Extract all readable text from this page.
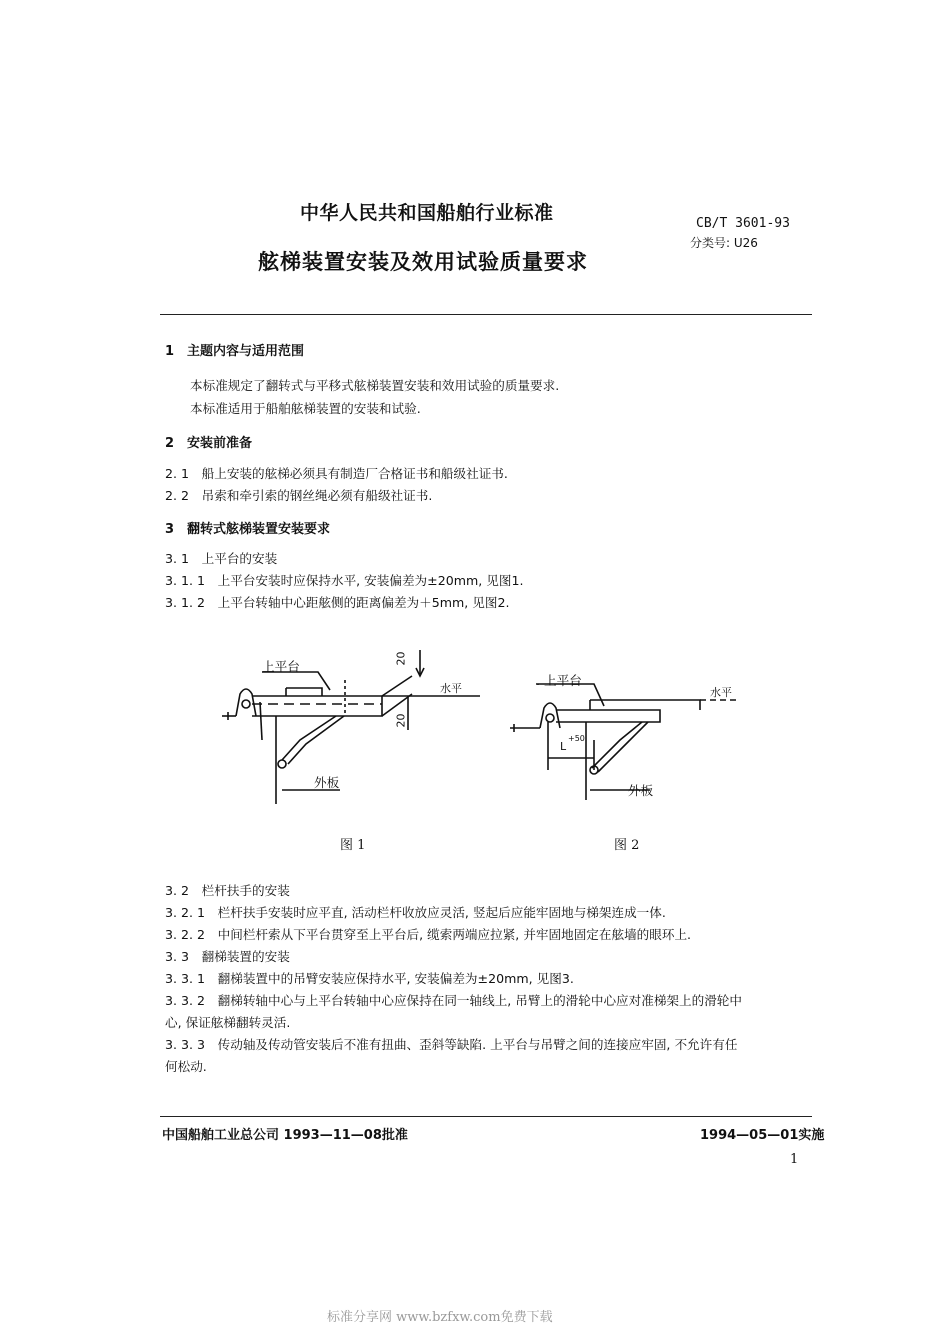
中华人民共和国船舶行业标准	CB/T 3601-93
分类号: U26
舷梯装置安装及效用试验质量要求
1　主题内容与适用范围
本标准规定了翻转式与平移式舷梯装置安装和效用试验的质量要求.
本标准适用于船舶舷梯装置的安装和试验.
2　安装前准备
2. 1　船上安装的舷梯必须具有制造厂合格证书和船级社证书.
2. 2　吊索和牵引索的钢丝绳必须有船级社证书.
3　翻转式舷梯装置安装要求
3. 1　上平台的安装
3. 1. 1　上平台安装时应保持水平, 安装偏差为±20mm, 见图1.
3. 1. 2　上平台转轴中心距舷侧的距离偏差为＋5mm, 见图2.
上平台
水平
外板
20
20
图 1
. 上平台
水平
外板
L
+50
图 2
3. 2　栏杆扶手的安装
3. 2. 1　栏杆扶手安装时应平直, 活动栏杆收放应灵活, 竖起后应能牢固地与梯架连成一体.
3. 2. 2　中间栏杆索从下平台贯穿至上平台后, 缆索两端应拉紧, 并牢固地固定在舷墙的眼环上.
3. 3　翻梯装置的安装
3. 3. 1　翻梯装置中的吊臂安装应保持水平, 安装偏差为±20mm, 见图3.
3. 3. 2　翻梯转轴中心与上平台转轴中心应保持在同一轴线上, 吊臂上的滑轮中心应对准梯架上的滑轮中
心, 保证舷梯翻转灵活.
3. 3. 3　传动轴及传动管安装后不准有扭曲、歪斜等缺陷. 上平台与吊臂之间的连接应牢固, 不允许有任
何松动.
中国船舶工业总公司 1993—11—08批准	1994—05—01实施
1
标准分享网 www.bzfxw.com免费下载
